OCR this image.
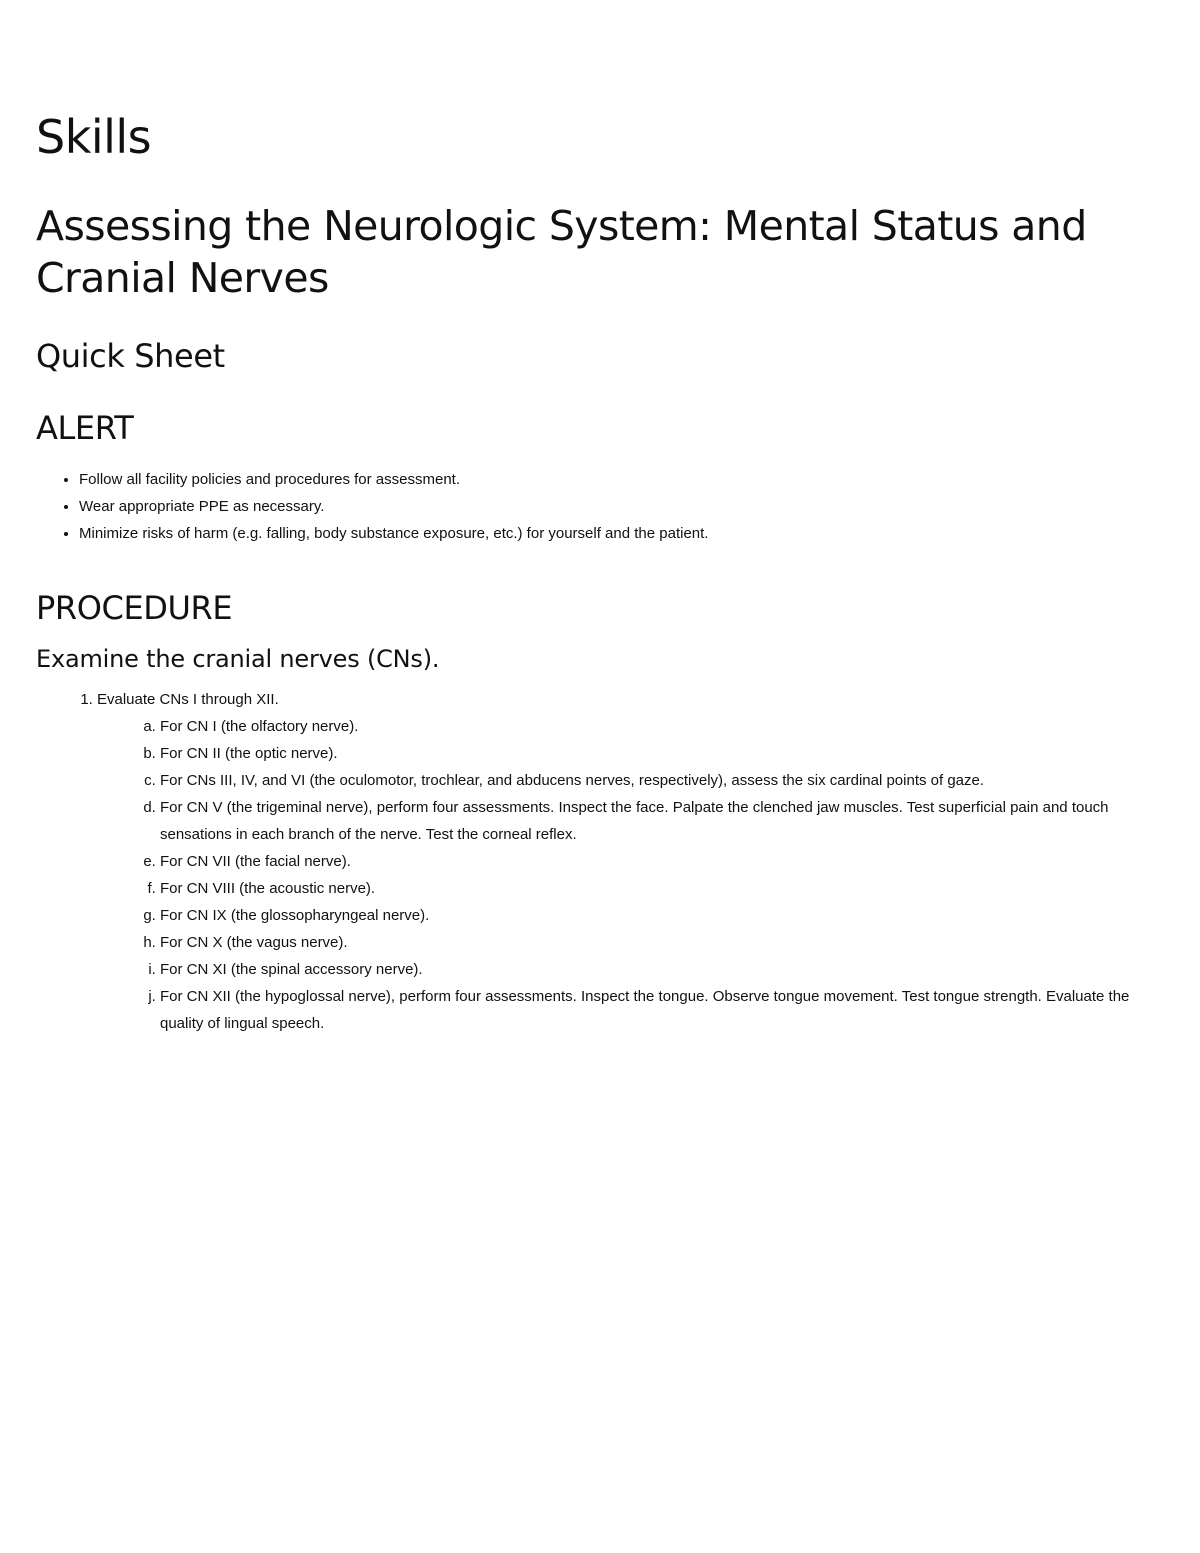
Skills
Assessing the Neurologic System: Mental Status and Cranial Nerves
Quick Sheet
ALERT
• Follow all facility policies and procedures for assessment.
• Wear appropriate PPE as necessary.
• Minimize risks of harm (e.g. falling, body substance exposure, etc.) for yourself and the patient.
PROCEDURE
Examine the cranial nerves (CNs).
1. Evaluate CNs I through XII.
a. For CN I (the olfactory nerve).
b. For CN II (the optic nerve).
c. For CNs III, IV, and VI (the oculomotor, trochlear, and abducens nerves, respectively), assess the six cardinal points of gaze.
d. For CN V (the trigeminal nerve), perform four assessments. Inspect the face. Palpate the clenched jaw muscles. Test superficial pain and touch sensations in each branch of the nerve. Test the corneal reflex.
e. For CN VII (the facial nerve).
f. For CN VIII (the acoustic nerve).
g. For CN IX (the glossopharyngeal nerve).
h. For CN X (the vagus nerve).
i. For CN XI (the spinal accessory nerve).
j. For CN XII (the hypoglossal nerve), perform four assessments. Inspect the tongue. Observe tongue movement. Test tongue strength. Evaluate the quality of lingual speech.
